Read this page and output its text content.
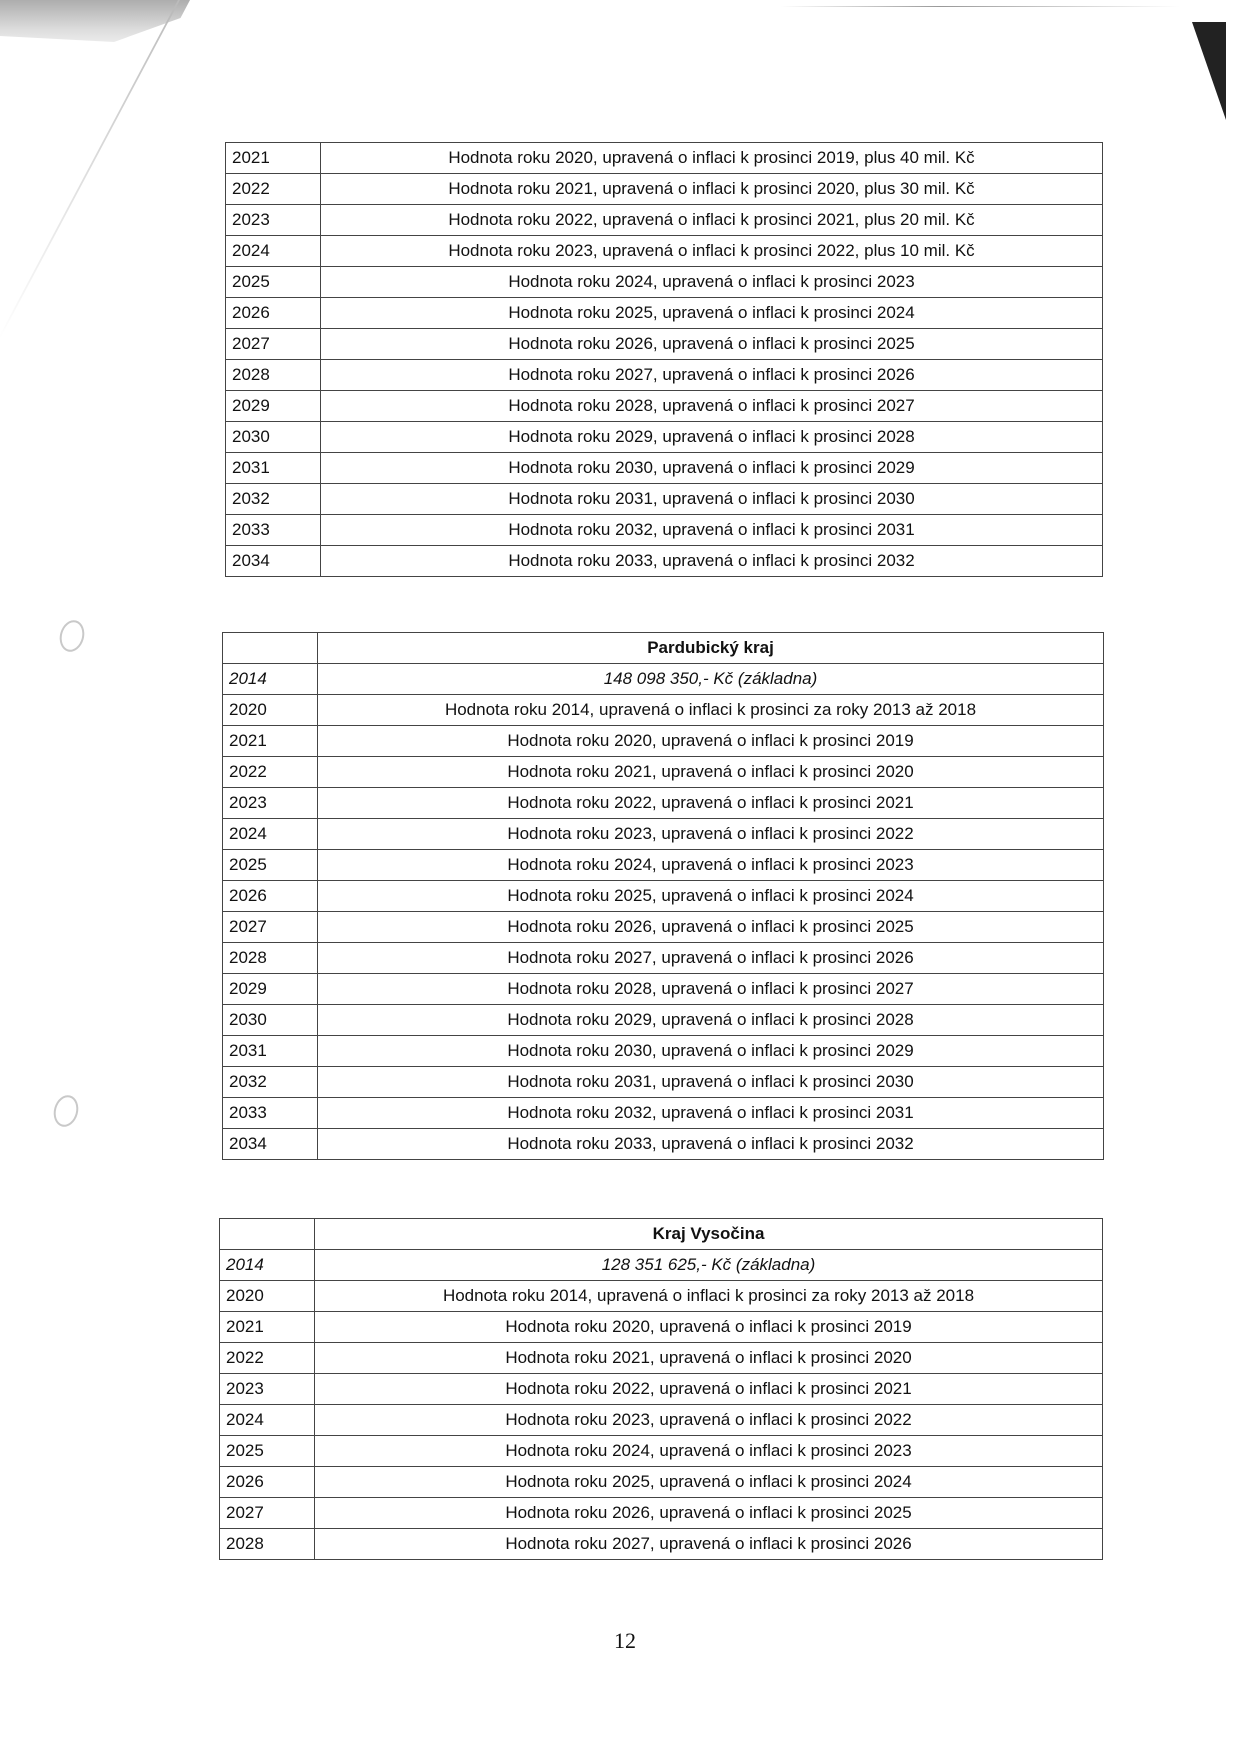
2021	Hodnota roku 2020, upravená o inflaci k prosinci 2019, plus 40 mil. Kč
2022	Hodnota roku 2021, upravená o inflaci k prosinci 2020, plus 30 mil. Kč
2023	Hodnota roku 2022, upravená o inflaci k prosinci 2021, plus 20 mil. Kč
2024	Hodnota roku 2023, upravená o inflaci k prosinci 2022, plus 10 mil. Kč
2025	Hodnota roku 2024, upravená o inflaci k prosinci 2023
2026	Hodnota roku 2025, upravená o inflaci k prosinci 2024
2027	Hodnota roku 2026, upravená o inflaci k prosinci 2025
2028	Hodnota roku 2027, upravená o inflaci k prosinci 2026
2029	Hodnota roku 2028, upravená o inflaci k prosinci 2027
2030	Hodnota roku 2029, upravená o inflaci k prosinci 2028
2031	Hodnota roku 2030, upravená o inflaci k prosinci 2029
2032	Hodnota roku 2031, upravená o inflaci k prosinci 2030
2033	Hodnota roku 2032, upravená o inflaci k prosinci 2031
2034	Hodnota roku 2033, upravená o inflaci k prosinci 2032
	Pardubický kraj
2014	148 098 350,- Kč (základna)
2020	Hodnota roku 2014, upravená o inflaci k prosinci za roky 2013 až 2018
2021	Hodnota roku 2020, upravená o inflaci k prosinci 2019
2022	Hodnota roku 2021, upravená o inflaci k prosinci 2020
2023	Hodnota roku 2022, upravená o inflaci k prosinci 2021
2024	Hodnota roku 2023, upravená o inflaci k prosinci 2022
2025	Hodnota roku 2024, upravená o inflaci k prosinci 2023
2026	Hodnota roku 2025, upravená o inflaci k prosinci 2024
2027	Hodnota roku 2026, upravená o inflaci k prosinci 2025
2028	Hodnota roku 2027, upravená o inflaci k prosinci 2026
2029	Hodnota roku 2028, upravená o inflaci k prosinci 2027
2030	Hodnota roku 2029, upravená o inflaci k prosinci 2028
2031	Hodnota roku 2030, upravená o inflaci k prosinci 2029
2032	Hodnota roku 2031, upravená o inflaci k prosinci 2030
2033	Hodnota roku 2032, upravená o inflaci k prosinci 2031
2034	Hodnota roku 2033, upravená o inflaci k prosinci 2032
	Kraj Vysočina
2014	128 351 625,- Kč (základna)
2020	Hodnota roku 2014, upravená o inflaci k prosinci za roky 2013 až 2018
2021	Hodnota roku 2020, upravená o inflaci k prosinci 2019
2022	Hodnota roku 2021, upravená o inflaci k prosinci 2020
2023	Hodnota roku 2022, upravená o inflaci k prosinci 2021
2024	Hodnota roku 2023, upravená o inflaci k prosinci 2022
2025	Hodnota roku 2024, upravená o inflaci k prosinci 2023
2026	Hodnota roku 2025, upravená o inflaci k prosinci 2024
2027	Hodnota roku 2026, upravená o inflaci k prosinci 2025
2028	Hodnota roku 2027, upravená o inflaci k prosinci 2026
12
